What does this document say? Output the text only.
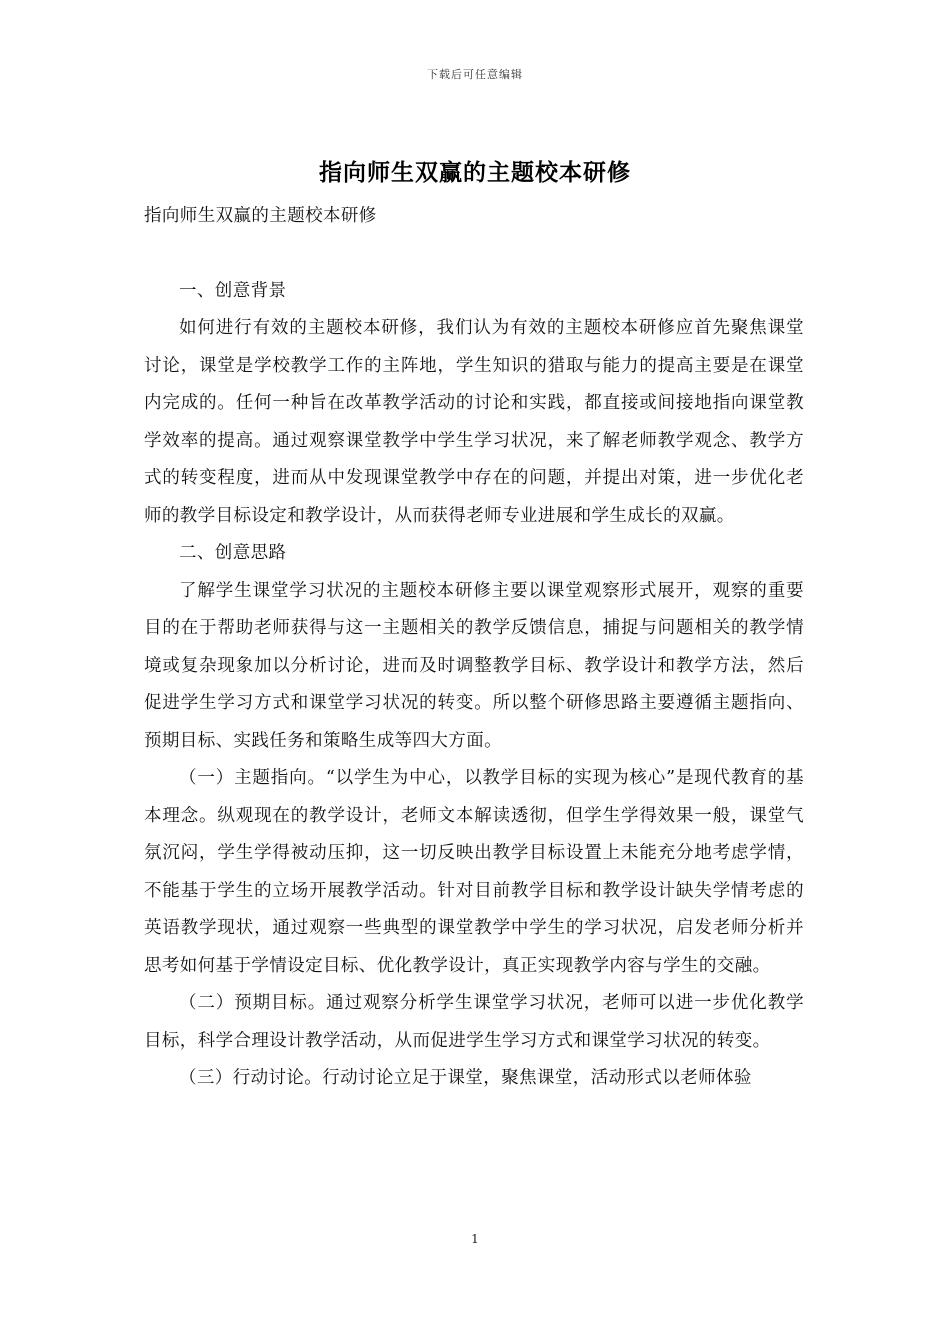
下载后可任意编辑
指向师生双赢的主题校本研修

指向师生双赢的主题校本研修

一、创意背景

如何进行有效的主题校本研修，我们认为有效的主题校本研修应首先聚焦课堂讨论，课堂是学校教学工作的主阵地，学生知识的猎取与能力的提高主要是在课堂内完成的。任何一种旨在改革教学活动的讨论和实践，都直接或间接地指向课堂教学效率的提高。通过观察课堂教学中学生学习状况，来了解老师教学观念、教学方式的转变程度，进而从中发现课堂教学中存在的问题，并提出对策，进一步优化老师的教学目标设定和教学设计，从而获得老师专业进展和学生成长的双赢。

二、创意思路

了解学生课堂学习状况的主题校本研修主要以课堂观察形式展开，观察的重要目的在于帮助老师获得与这一主题相关的教学反馈信息，捕捉与问题相关的教学情境或复杂现象加以分析讨论，进而及时调整教学目标、教学设计和教学方法，然后促进学生学习方式和课堂学习状况的转变。所以整个研修思路主要遵循主题指向、预期目标、实践任务和策略生成等四大方面。

（一）主题指向。“以学生为中心，以教学目标的实现为核心”是现代教育的基本理念。纵观现在的教学设计，老师文本解读透彻，但学生学得效果一般，课堂气氛沉闷，学生学得被动压抑，这一切反映出教学目标设置上未能充分地考虑学情，不能基于学生的立场开展教学活动。针对目前教学目标和教学设计缺失学情考虑的英语教学现状，通过观察一些典型的课堂教学中学生的学习状况，启发老师分析并思考如何基于学情设定目标、优化教学设计，真正实现教学内容与学生的交融。

（二）预期目标。通过观察分析学生课堂学习状况，老师可以进一步优化教学目标，科学合理设计教学活动，从而促进学生学习方式和课堂学习状况的转变。

（三）行动讨论。行动讨论立足于课堂，聚焦课堂，活动形式以老师体验

1
